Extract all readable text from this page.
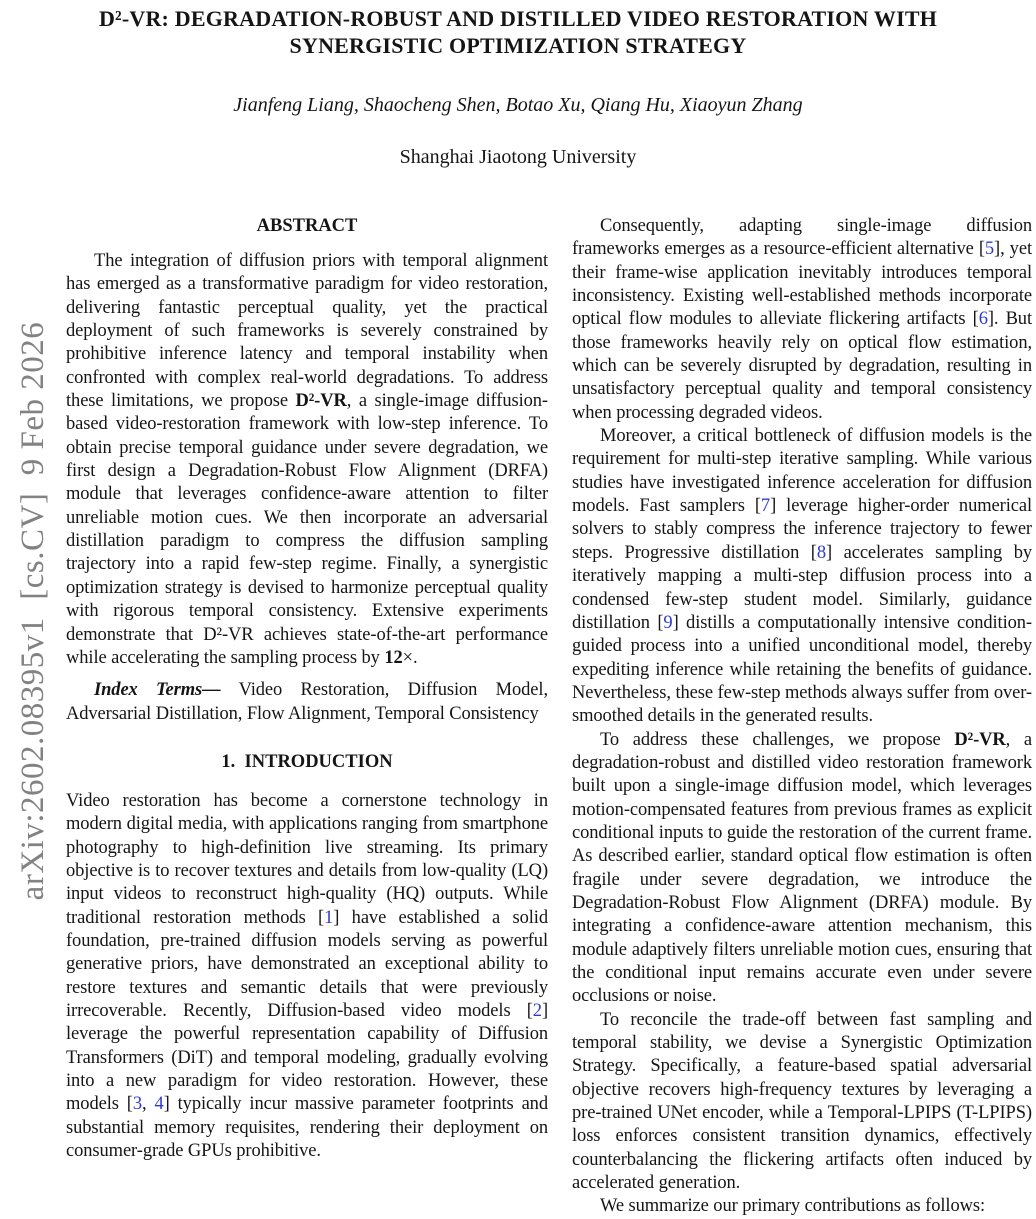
arXiv:2602.08395v1  [cs.CV]  9 Feb 2026
D²-VR: DEGRADATION-ROBUST AND DISTILLED VIDEO RESTORATION WITH
SYNERGISTIC OPTIMIZATION STRATEGY
Jianfeng Liang, Shaocheng Shen, Botao Xu, Qiang Hu, Xiaoyun Zhang
Shanghai Jiaotong University
ABSTRACT

The integration of diffusion priors with temporal alignment has emerged as a transformative paradigm for video restoration, delivering fantastic perceptual quality, yet the practical deployment of such frameworks is severely constrained by prohibitive inference latency and temporal instability when confronted with complex real-world degradations. To address these limitations, we propose D²-VR, a single-image diffusion-based video-restoration framework with low-step inference. To obtain precise temporal guidance under severe degradation, we first design a Degradation-Robust Flow Alignment (DRFA) module that leverages confidence-aware attention to filter unreliable motion cues. We then incorporate an adversarial distillation paradigm to compress the diffusion sampling trajectory into a rapid few-step regime. Finally, a synergistic optimization strategy is devised to harmonize perceptual quality with rigorous temporal consistency. Extensive experiments demonstrate that D²-VR achieves state-of-the-art performance while accelerating the sampling process by 12×.

Index Terms— Video Restoration, Diffusion Model, Adversarial Distillation, Flow Alignment, Temporal Consistency

1.  INTRODUCTION

Video restoration has become a cornerstone technology in modern digital media, with applications ranging from smartphone photography to high-definition live streaming. Its primary objective is to recover textures and details from low-quality (LQ) input videos to reconstruct high-quality (HQ) outputs. While traditional restoration methods [1] have established a solid foundation, pre-trained diffusion models serving as powerful generative priors, have demonstrated an exceptional ability to restore textures and semantic details that were previously irrecoverable. Recently, Diffusion-based video models [2] leverage the powerful representation capability of Diffusion Transformers (DiT) and temporal modeling, gradually evolving into a new paradigm for video restoration. However, these models [3, 4] typically incur massive parameter footprints and substantial memory requisites, rendering their deployment on consumer-grade GPUs prohibitive.

Consequently, adapting single-image diffusion frameworks emerges as a resource-efficient alternative [5], yet their frame-wise application inevitably introduces temporal inconsistency. Existing well-established methods incorporate optical flow modules to alleviate flickering artifacts [6]. But those frameworks heavily rely on optical flow estimation, which can be severely disrupted by degradation, resulting in unsatisfactory perceptual quality and temporal consistency when processing degraded videos.

Moreover, a critical bottleneck of diffusion models is the requirement for multi-step iterative sampling. While various studies have investigated inference acceleration for diffusion models. Fast samplers [7] leverage higher-order numerical solvers to stably compress the inference trajectory to fewer steps. Progressive distillation [8] accelerates sampling by iteratively mapping a multi-step diffusion process into a condensed few-step student model. Similarly, guidance distillation [9] distills a computationally intensive condition-guided process into a unified unconditional model, thereby expediting inference while retaining the benefits of guidance. Nevertheless, these few-step methods always suffer from over-smoothed details in the generated results.

To address these challenges, we propose D²-VR, a degradation-robust and distilled video restoration framework built upon a single-image diffusion model, which leverages motion-compensated features from previous frames as explicit conditional inputs to guide the restoration of the current frame. As described earlier, standard optical flow estimation is often fragile under severe degradation, we introduce the Degradation-Robust Flow Alignment (DRFA) module. By integrating a confidence-aware attention mechanism, this module adaptively filters unreliable motion cues, ensuring that the conditional input remains accurate even under severe occlusions or noise.

To reconcile the trade-off between fast sampling and temporal stability, we devise a Synergistic Optimization Strategy. Specifically, a feature-based spatial adversarial objective recovers high-frequency textures by leveraging a pre-trained UNet encoder, while a Temporal-LPIPS (T-LPIPS) loss enforces consistent transition dynamics, effectively counterbalancing the flickering artifacts often induced by accelerated generation.

We summarize our primary contributions as follows:
